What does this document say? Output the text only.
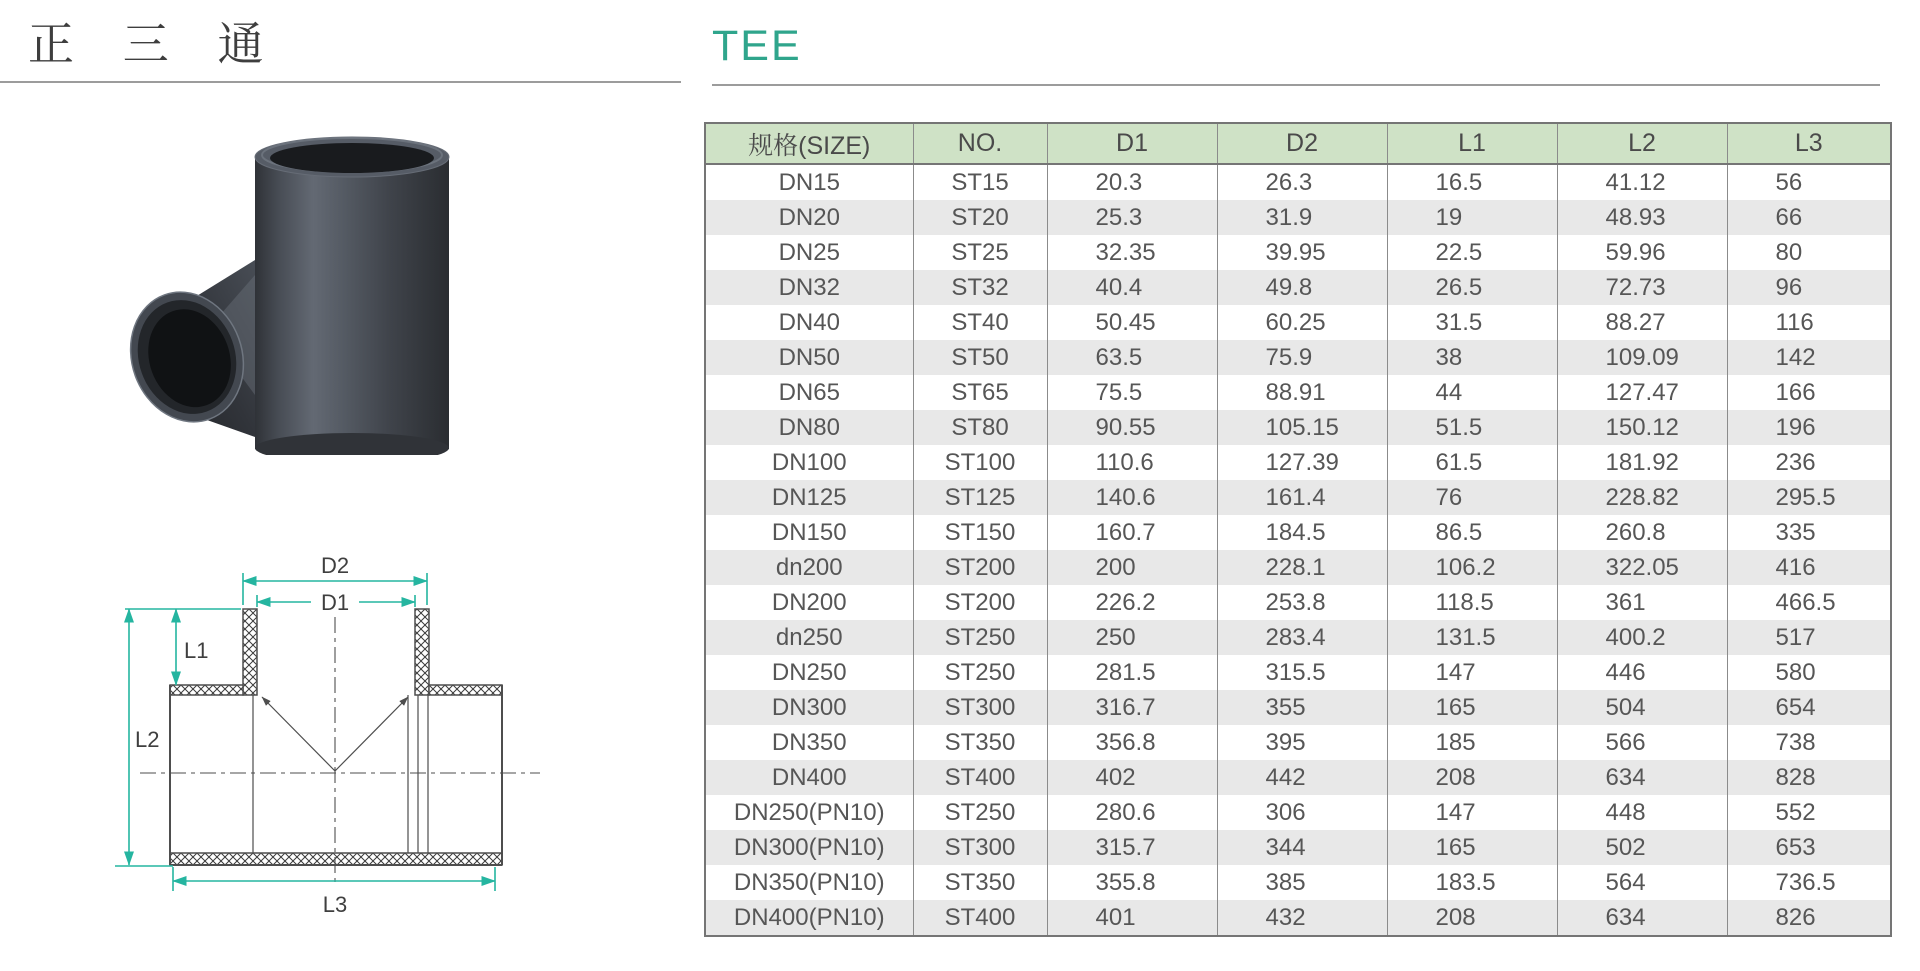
正 三 通	TEE
D2
D1
L1
L2
L3
规格(SIZE)	NO.	D1	D2	L1	L2	L3
DN15	ST15	20.3	26.3	16.5	41.12	56
DN20	ST20	25.3	31.9	19	48.93	66
DN25	ST25	32.35	39.95	22.5	59.96	80
DN32	ST32	40.4	49.8	26.5	72.73	96
DN40	ST40	50.45	60.25	31.5	88.27	116
DN50	ST50	63.5	75.9	38	109.09	142
DN65	ST65	75.5	88.91	44	127.47	166
DN80	ST80	90.55	105.15	51.5	150.12	196
DN100	ST100	110.6	127.39	61.5	181.92	236
DN125	ST125	140.6	161.4	76	228.82	295.5
DN150	ST150	160.7	184.5	86.5	260.8	335
dn200	ST200	200	228.1	106.2	322.05	416
DN200	ST200	226.2	253.8	118.5	361	466.5
dn250	ST250	250	283.4	131.5	400.2	517
DN250	ST250	281.5	315.5	147	446	580
DN300	ST300	316.7	355	165	504	654
DN350	ST350	356.8	395	185	566	738
DN400	ST400	402	442	208	634	828
DN250(PN10)	ST250	280.6	306	147	448	552
DN300(PN10)	ST300	315.7	344	165	502	653
DN350(PN10)	ST350	355.8	385	183.5	564	736.5
DN400(PN10)	ST400	401	432	208	634	826
